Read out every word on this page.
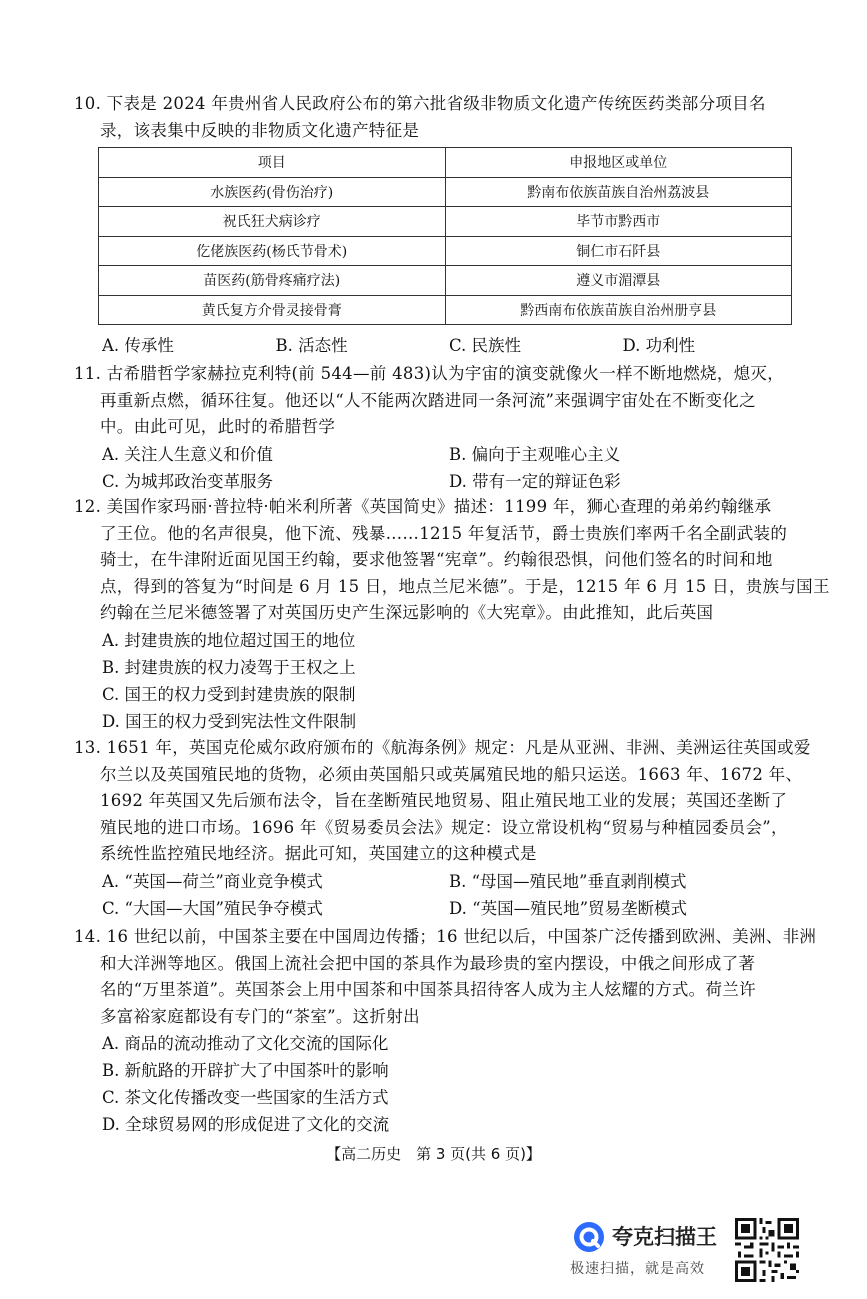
10. 下表是 2024 年贵州省人民政府公布的第六批省级非物质文化遗产传统医药类部分项目名
录，该表集中反映的非物质文化遗产特征是
项目	申报地区或单位
水族医药(骨伤治疗)	黔南布依族苗族自治州荔波县
祝氏狂犬病诊疗	毕节市黔西市
仡佬族医药(杨氏节骨术)	铜仁市石阡县
苗医药(筋骨疼痛疗法)	遵义市湄潭县
黄氏复方介骨灵接骨膏	黔西南布依族苗族自治州册亨县
A. 传承性	B. 活态性	C. 民族性	D. 功利性
11. 古希腊哲学家赫拉克利特(前 544—前 483)认为宇宙的演变就像火一样不断地燃烧，熄灭，
再重新点燃，循环往复。他还以“人不能两次踏进同一条河流”来强调宇宙处在不断变化之
中。由此可见，此时的希腊哲学
A. 关注人生意义和价值	B. 偏向于主观唯心主义
C. 为城邦政治变革服务	D. 带有一定的辩证色彩
12. 美国作家玛丽·普拉特·帕米利所著《英国简史》描述：1199 年，狮心查理的弟弟约翰继承
了王位。他的名声很臭，他下流、残暴……1215 年复活节，爵士贵族们率两千名全副武装的
骑士，在牛津附近面见国王约翰，要求他签署“宪章”。约翰很恐惧，问他们签名的时间和地
点，得到的答复为“时间是 6 月 15 日，地点兰尼米德”。于是，1215 年 6 月 15 日，贵族与国王
约翰在兰尼米德签署了对英国历史产生深远影响的《大宪章》。由此推知，此后英国
A. 封建贵族的地位超过国王的地位
B. 封建贵族的权力凌驾于王权之上
C. 国王的权力受到封建贵族的限制
D. 国王的权力受到宪法性文件限制
13. 1651 年，英国克伦威尔政府颁布的《航海条例》规定：凡是从亚洲、非洲、美洲运往英国或爱
尔兰以及英国殖民地的货物，必须由英国船只或英属殖民地的船只运送。1663 年、1672 年、
1692 年英国又先后颁布法令，旨在垄断殖民地贸易、阻止殖民地工业的发展；英国还垄断了
殖民地的进口市场。1696 年《贸易委员会法》规定：设立常设机构“贸易与种植园委员会”，
系统性监控殖民地经济。据此可知，英国建立的这种模式是
A. “英国—荷兰”商业竞争模式	B. “母国—殖民地”垂直剥削模式
C. “大国—大国”殖民争夺模式	D. “英国—殖民地”贸易垄断模式
14. 16 世纪以前，中国茶主要在中国周边传播；16 世纪以后，中国茶广泛传播到欧洲、美洲、非洲
和大洋洲等地区。俄国上流社会把中国的茶具作为最珍贵的室内摆设，中俄之间形成了著
名的“万里茶道”。英国茶会上用中国茶和中国茶具招待客人成为主人炫耀的方式。荷兰许
多富裕家庭都设有专门的“茶室”。这折射出
A. 商品的流动推动了文化交流的国际化
B. 新航路的开辟扩大了中国茶叶的影响
C. 茶文化传播改变一些国家的生活方式
D. 全球贸易网的形成促进了文化的交流
【高二历史　第 3 页(共 6 页)】
夸克扫描王
极速扫描，就是高效
